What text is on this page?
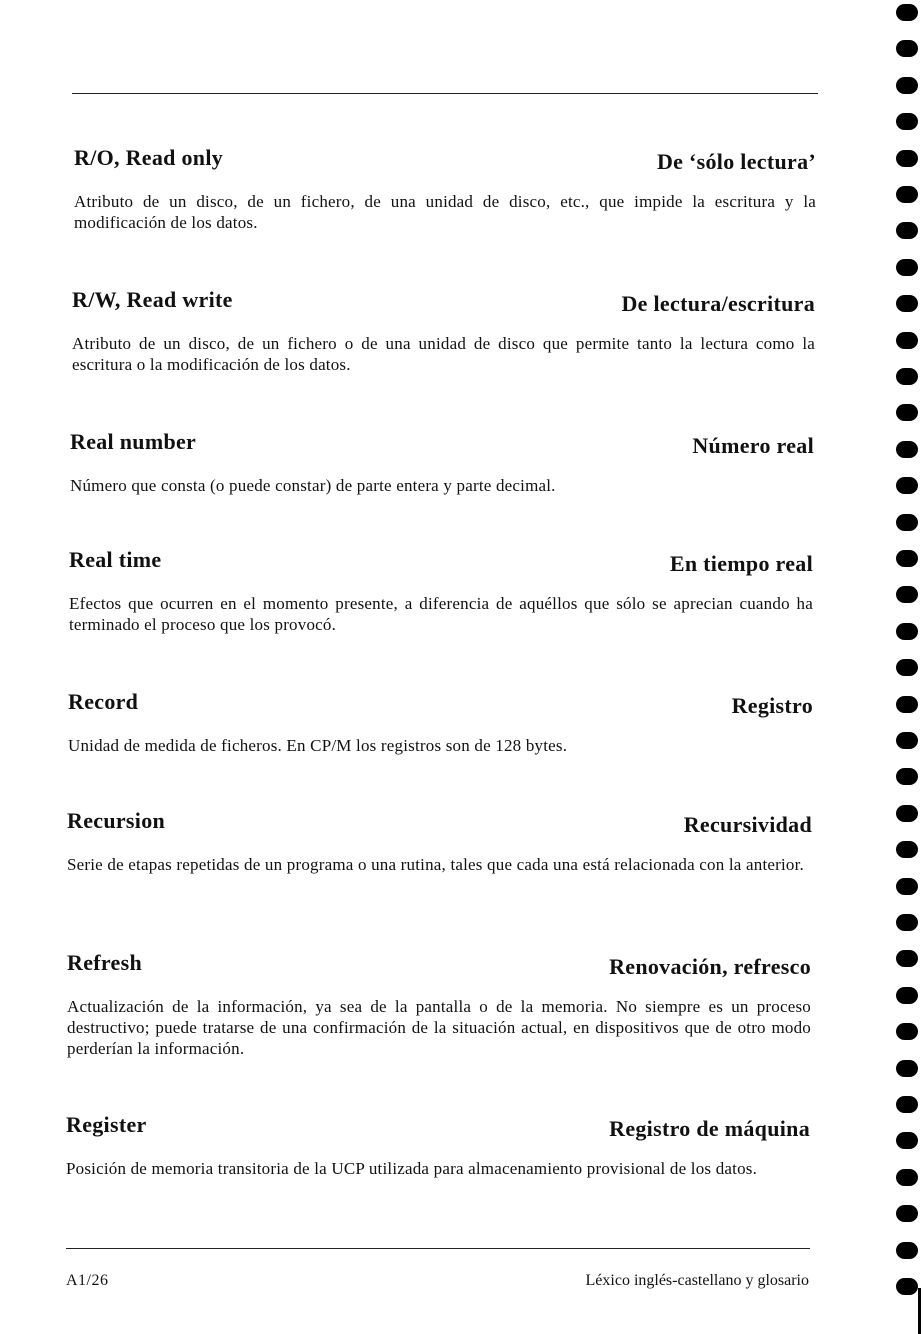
R/O, Read only	De ‘sólo lectura’
Atributo de un disco, de un fichero, de una unidad de disco, etc., que impide la escritura y la modificación de los datos.
R/W, Read write	De lectura/escritura
Atributo de un disco, de un fichero o de una unidad de disco que permite tanto la lectura como la escritura o la modificación de los datos.
Real number	Número real
Número que consta (o puede constar) de parte entera y parte decimal.
Real time	En tiempo real
Efectos que ocurren en el momento presente, a diferencia de aquéllos que sólo se aprecian cuando ha terminado el proceso que los provocó.
Record	Registro
Unidad de medida de ficheros. En CP/M los registros son de 128 bytes.
Recursion	Recursividad
Serie de etapas repetidas de un programa o una rutina, tales que cada una está relacionada con la anterior.
Refresh	Renovación, refresco
Actualización de la información, ya sea de la pantalla o de la memoria. No siempre es un proceso destructivo; puede tratarse de una confirmación de la situación actual, en dispositivos que de otro modo perderían la información.
Register	Registro de máquina
Posición de memoria transitoria de la UCP utilizada para almacenamiento provisional de los datos.
A1/26	Léxico inglés-castellano y glosario
